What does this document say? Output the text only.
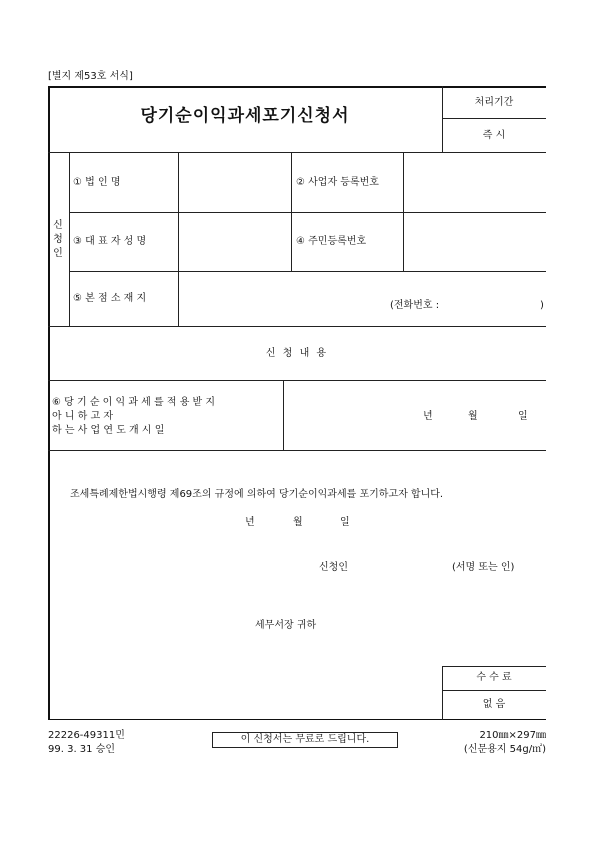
[별지 제53호 서식]
당기순이익과세포기신청서
처리기간
즉 시
신청인
① 법 인 명	② 사업자 등록번호
③ 대 표 자 성 명	④ 주민등록번호
⑤ 본 점 소 재 지
(전화번호 :	)
신 청 내 용
⑥ 당 기 순 이 익 과 세 를 적 용 받 지
아 니 하 고 자
하 는 사 업 연 도 개 시 일
년	월	일
조세특례제한법시행령 제69조의 규정에 의하여 당기순이익과세를 포기하고자 합니다.
년	월	일
신청인	(서명 또는 인)
세무서장 귀하
수 수 료
없 음
22226-49311민
99. 3. 31 승인
이 신청서는 무료로 드립니다.	210㎜×297㎜
(신문용지 54g/㎡)
